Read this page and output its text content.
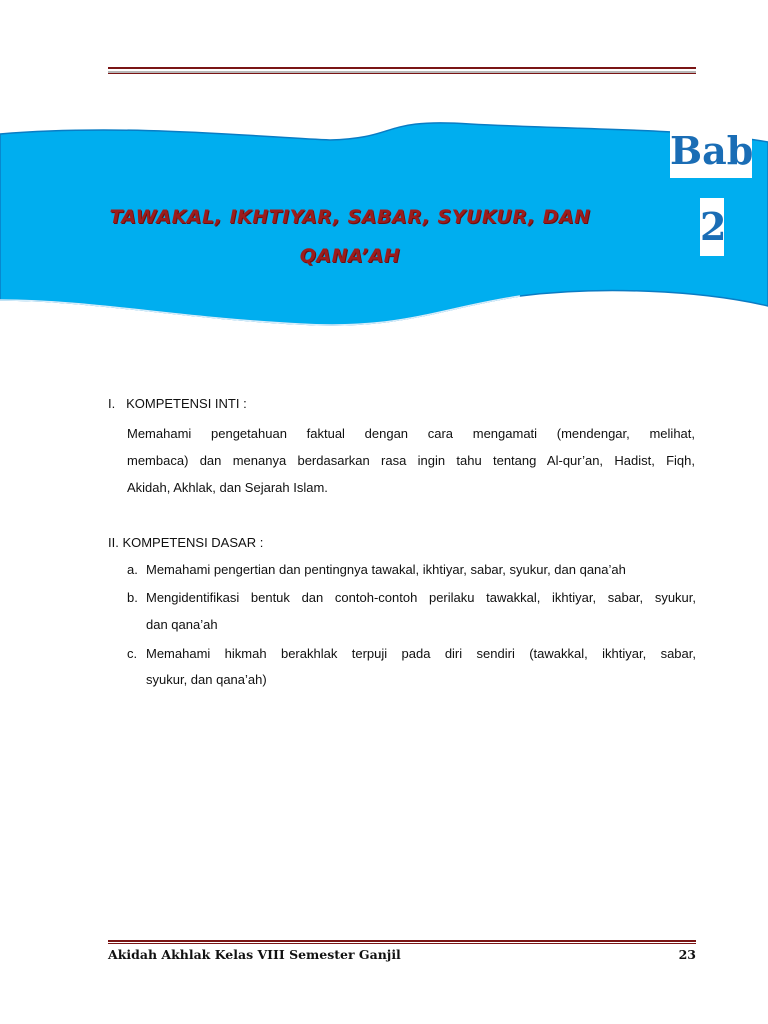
TAWAKAL, IKHTIYAR, SABAR, SYUKUR, DAN
QANA’AH
Bab
2
I. KOMPETENSI INTI :
Memahami pengetahuan faktual dengan cara mengamati (mendengar, melihat,
membaca) dan menanya berdasarkan rasa ingin tahu tentang Al-qur’an, Hadist, Fiqh,
Akidah, Akhlak, dan Sejarah Islam.
II. KOMPETENSI DASAR :
a. Memahami pengertian dan pentingnya tawakal, ikhtiyar, sabar, syukur, dan qana’ah
b. Mengidentifikasi bentuk dan contoh-contoh perilaku tawakkal, ikhtiyar, sabar, syukur,
dan qana’ah
c. Memahami hikmah berakhlak terpuji pada diri sendiri (tawakkal, ikhtiyar, sabar,
syukur, dan qana’ah)
Akidah Akhlak Kelas VIII Semester Ganjil	23
